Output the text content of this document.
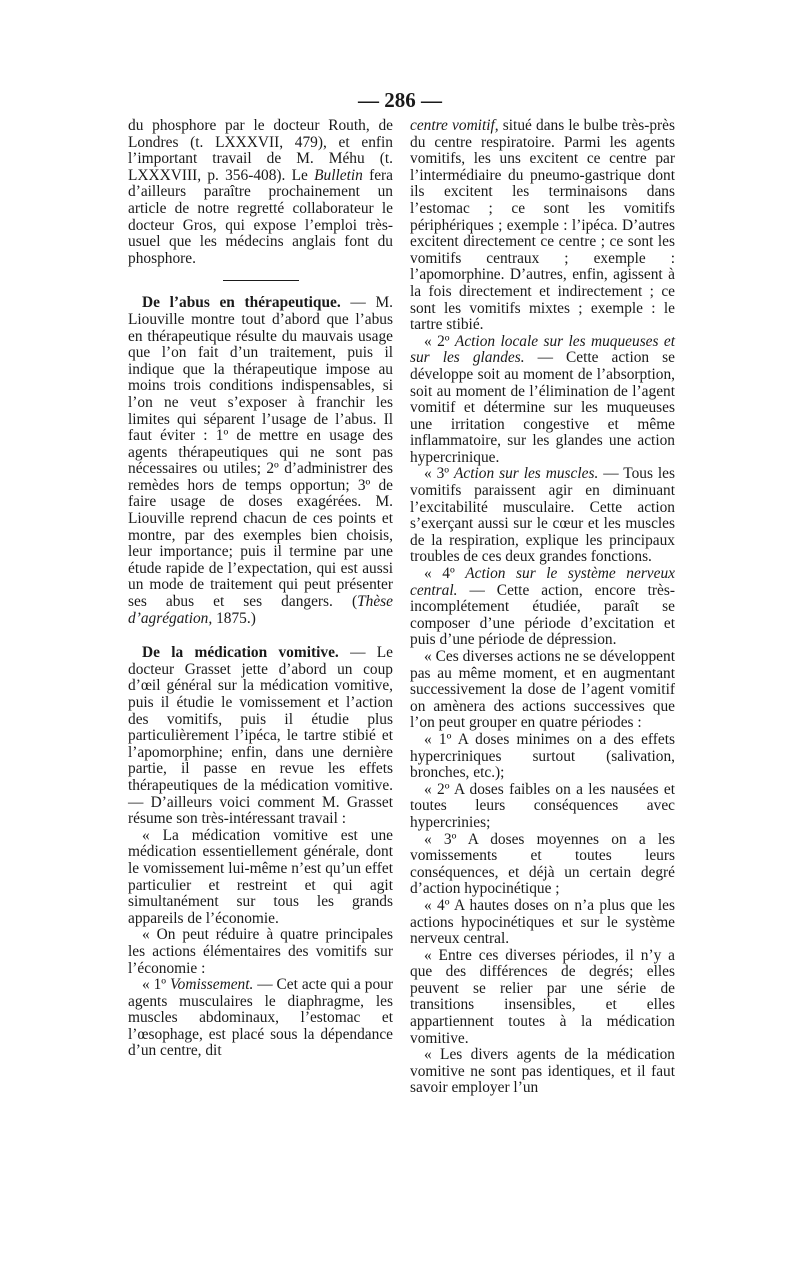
— 286 —

du phosphore par le docteur Routh, de Londres (t. LXXXVII, 479), et enfin l’important travail de M. Méhu (t. LXXXVIII, p. 356-408). Le Bulletin fera d’ailleurs paraître prochainement un article de notre regretté collaborateur le docteur Gros, qui expose l’emploi très-usuel que les médecins anglais font du phosphore.

De l’abus en thérapeutique. — M. Liouville montre tout d’abord que l’abus en thérapeutique résulte du mauvais usage que l’on fait d’un traitement, puis il indique que la thérapeutique impose au moins trois conditions indispensables, si l’on ne veut s’exposer à franchir les limites qui séparent l’usage de l’abus. Il faut éviter : 1º de mettre en usage des agents thérapeutiques qui ne sont pas nécessaires ou utiles; 2º d’administrer des remèdes hors de temps opportun; 3º de faire usage de doses exagérées. M. Liouville reprend chacun de ces points et montre, par des exemples bien choisis, leur importance; puis il termine par une étude rapide de l’expectation, qui est aussi un mode de traitement qui peut présenter ses abus et ses dangers. (Thèse d’agrégation, 1875.)

De la médication vomitive. — Le docteur Grasset jette d’abord un coup d’œil général sur la médication vomitive, puis il étudie le vomissement et l’action des vomitifs, puis il étudie plus particulièrement l’ipéca, le tartre stibié et l’apomorphine; enfin, dans une dernière partie, il passe en revue les effets thérapeutiques de la médication vomitive. — D’ailleurs voici comment M. Grasset résume son très-intéressant travail :

« La médication vomitive est une médication essentiellement générale, dont le vomissement lui-même n’est qu’un effet particulier et restreint et qui agit simultanément sur tous les grands appareils de l’économie.

« On peut réduire à quatre principales les actions élémentaires des vomitifs sur l’économie :

« 1º Vomissement. — Cet acte qui a pour agents musculaires le diaphragme, les muscles abdominaux, l’estomac et l’œsophage, est placé sous la dépendance d’un centre, dit

centre vomitif, situé dans le bulbe très-près du centre respiratoire. Parmi les agents vomitifs, les uns excitent ce centre par l’intermédiaire du pneumo-gastrique dont ils excitent les terminaisons dans l’estomac ; ce sont les vomitifs périphériques ; exemple : l’ipéca. D’autres excitent directement ce centre ; ce sont les vomitifs centraux ; exemple : l’apomorphine. D’autres, enfin, agissent à la fois directement et indirectement ; ce sont les vomitifs mixtes ; exemple : le tartre stibié.

« 2º Action locale sur les muqueuses et sur les glandes. — Cette action se développe soit au moment de l’absorption, soit au moment de l’élimination de l’agent vomitif et détermine sur les muqueuses une irritation congestive et même inflammatoire, sur les glandes une action hypercrinique.

« 3º Action sur les muscles. — Tous les vomitifs paraissent agir en diminuant l’excitabilité musculaire. Cette action s’exerçant aussi sur le cœur et les muscles de la respiration, explique les principaux troubles de ces deux grandes fonctions.

« 4º Action sur le système nerveux central. — Cette action, encore très-incomplétement étudiée, paraît se composer d’une période d’excitation et puis d’une période de dépression.

« Ces diverses actions ne se développent pas au même moment, et en augmentant successivement la dose de l’agent vomitif on amènera des actions successives que l’on peut grouper en quatre périodes :

« 1º A doses minimes on a des effets hypercriniques surtout (salivation, bronches, etc.);

« 2º A doses faibles on a les nausées et toutes leurs conséquences avec hypercrinies;

« 3º A doses moyennes on a les vomissements et toutes leurs conséquences, et déjà un certain degré d’action hypocinétique ;

« 4º A hautes doses on n’a plus que les actions hypocinétiques et sur le système nerveux central.

« Entre ces diverses périodes, il n’y a que des différences de degrés; elles peuvent se relier par une série de transitions insensibles, et elles appartiennent toutes à la médication vomitive.

« Les divers agents de la médication vomitive ne sont pas identiques, et il faut savoir employer l’un
